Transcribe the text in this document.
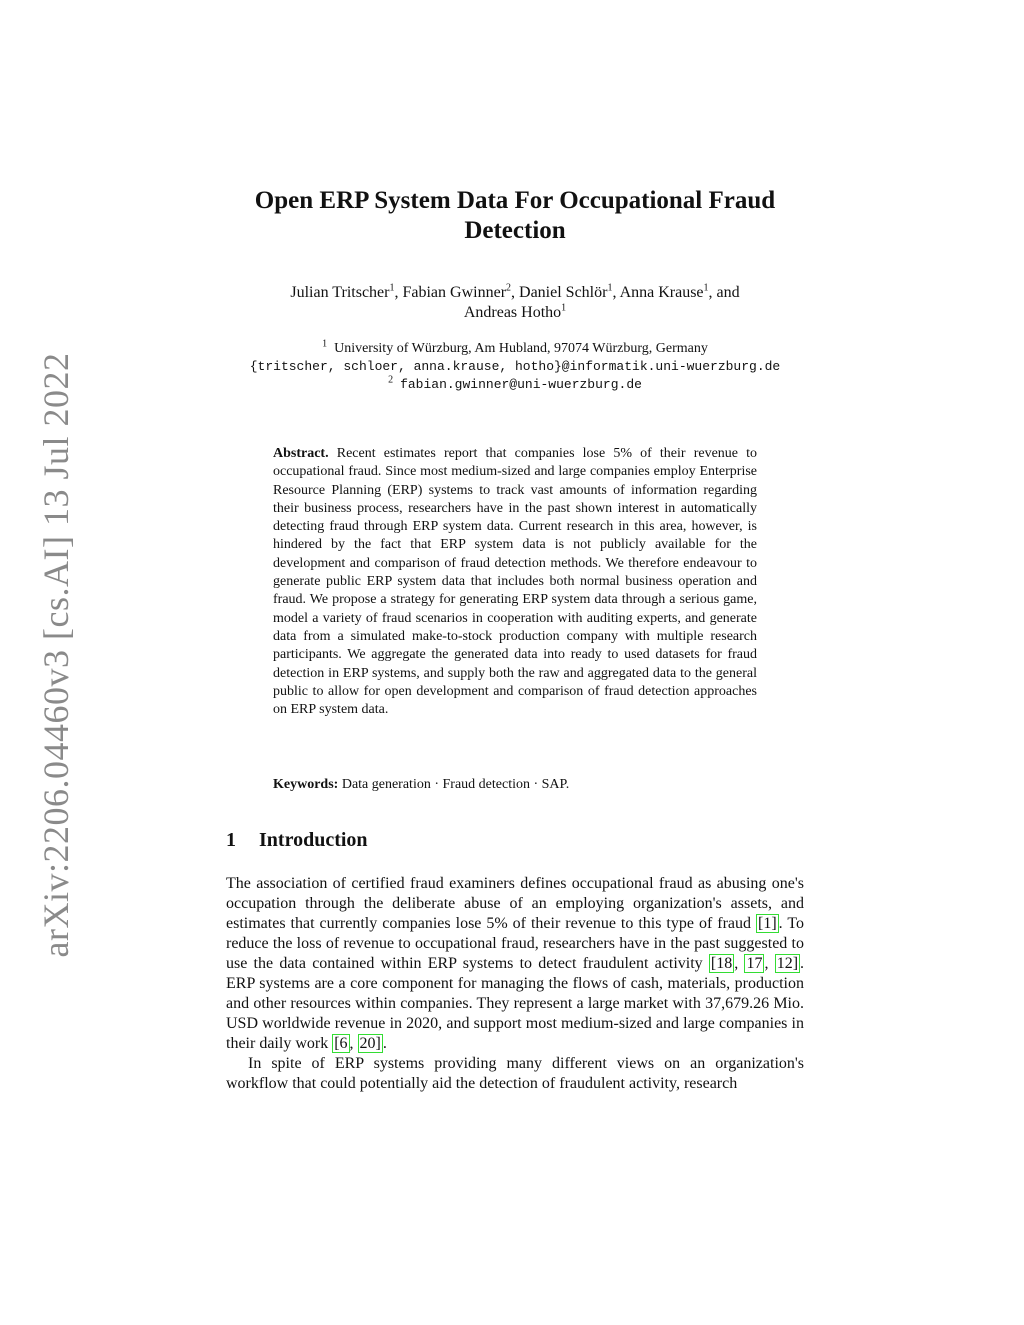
arXiv:2206.04460v3 [cs.AI] 13 Jul 2022
Open ERP System Data For Occupational Fraud Detection
Julian Tritscher$^1$, Fabian Gwinner$^2$, Daniel Schlör$^1$, Anna Krause$^1$, and
Andreas Hotho$^1$
$^1$ University of Würzburg, Am Hubland, 97074 Würzburg, Germany
{tritscher, schloer, anna.krause, hotho}@informatik.uni-wuerzburg.de
$^2$ fabian.gwinner@uni-wuerzburg.de
Abstract. Recent estimates report that companies lose 5% of their revenue to occupational fraud. Since most medium-sized and large companies employ Enterprise Resource Planning (ERP) systems to track vast amounts of information regarding their business process, researchers have in the past shown interest in automatically detecting fraud through ERP system data. Current research in this area, however, is hindered by the fact that ERP system data is not publicly available for the development and comparison of fraud detection methods. We therefore endeavour to generate public ERP system data that includes both normal business operation and fraud. We propose a strategy for generating ERP system data through a serious game, model a variety of fraud scenarios in cooperation with auditing experts, and generate data from a simulated make-to-stock production company with multiple research participants. We aggregate the generated data into ready to used datasets for fraud detection in ERP systems, and supply both the raw and aggregated data to the general public to allow for open development and comparison of fraud detection approaches on ERP system data.
Keywords: Data generation · Fraud detection · SAP.
1 Introduction

The association of certified fraud examiners defines occupational fraud as abusing one's occupation through the deliberate abuse of an employing organization's assets, and estimates that currently companies lose 5% of their revenue to this type of fraud [1] . To reduce the loss of revenue to occupational fraud, researchers have in the past suggested to use the data contained within ERP systems to detect fraudulent activity [18 , 17 , 12] . ERP systems are a core component for managing the flows of cash, materials, production and other resources within companies. They represent a large market with 37,679.26 Mio. USD worldwide revenue in 2020, and support most medium-sized and large companies in their daily work [6 , 20] .

In spite of ERP systems providing many different views on an organization's workflow that could potentially aid the detection of fraudulent activity, research
